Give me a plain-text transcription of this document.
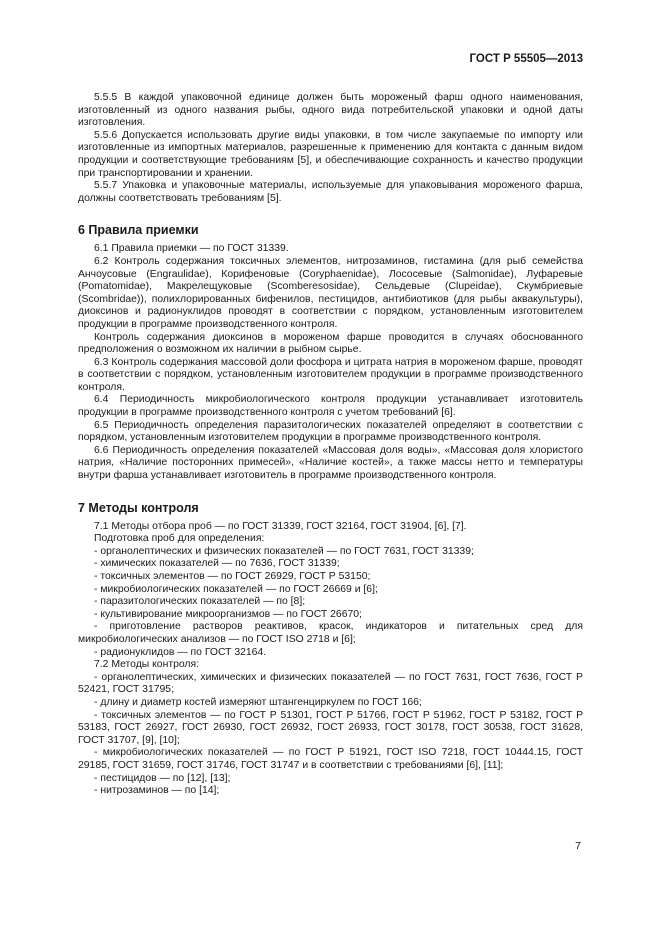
ГОСТ Р 55505—2013

5.5.5 В каждой упаковочной единице должен быть мороженый фарш одного наименования, изготовленный из одного названия рыбы, одного вида потребительской упаковки и одной даты изготовления.

5.5.6 Допускается использовать другие виды упаковки, в том числе закупаемые по импорту или изготовленные из импортных материалов, разрешенные к применению для контакта с данным видом продукции и соответствующие требованиям [5], и обеспечивающие сохранность и качество продукции при транспортировании и хранении.

5.5.7 Упаковка и упаковочные материалы, используемые для упаковывания мороженого фарша, должны соответствовать требованиям [5].

6 Правила приемки

6.1 Правила приемки — по ГОСТ 31339.

6.2 Контроль содержания токсичных элементов, нитрозаминов, гистамина (для рыб семейства Анчоусовые (Engraulidae), Корифеновые (Coryphaenidae), Лососевые (Salmonidae), Луфаревые (Pomatomidae), Макрелещуковые (Scomberesosidae), Сельдевые (Clupeidae), Скумбриевые (Scombridae)), полихлорированных бифенилов, пестицидов, антибиотиков (для рыбы аквакультуры), диоксинов и радионуклидов проводят в соответствии с порядком, установленным изготовителем продукции в программе производственного контроля.

Контроль содержания диоксинов в мороженом фарше проводится в случаях обоснованного предположения о возможном их наличии в рыбном сырье.

6.3 Контроль содержания массовой доли фосфора и цитрата натрия в мороженом фарше, проводят в соответствии с порядком, установленным изготовителем продукции в программе производственного контроля.

6.4 Периодичность микробиологического контроля продукции устанавливает изготовитель продукции в программе производственного контроля с учетом требований [6].

6.5 Периодичность определения паразитологических показателей определяют в соответствии с порядком, установленным изготовителем продукции в программе производственного контроля.

6.6 Периодичность определения показателей «Массовая доля воды», «Массовая доля хлористого натрия, «Наличие посторонних примесей», «Наличие костей», а также массы нетто и температуры внутри фарша устанавливает изготовитель в программе производственного контроля.

7 Методы контроля

7.1 Методы отбора проб — по ГОСТ 31339, ГОСТ 32164, ГОСТ 31904, [6], [7].

Подготовка проб для определения:

- органолептических и физических показателей — по ГОСТ 7631, ГОСТ 31339;

- химических показателей — по 7636, ГОСТ 31339;

- токсичных элементов — по ГОСТ 26929, ГОСТ Р 53150;

- микробиологических показателей — по ГОСТ 26669 и [6];

- паразитологических показателей — по [8];

- культивирование микроорганизмов — по ГОСТ 26670;

- приготовление растворов реактивов, красок, индикаторов и питательных сред для микробиологических анализов — по ГОСТ ISO 2718 и [6];

- радионуклидов — по ГОСТ 32164.

7.2 Методы контроля:

- органолептических, химических и физических показателей — по ГОСТ 7631, ГОСТ 7636, ГОСТ Р 52421, ГОСТ 31795;

- длину и диаметр костей измеряют штангенциркулем по ГОСТ 166;

- токсичных элементов — по ГОСТ Р 51301, ГОСТ Р 51766, ГОСТ Р 51962, ГОСТ Р 53182, ГОСТ Р 53183, ГОСТ 26927, ГОСТ 26930, ГОСТ 26932, ГОСТ 26933, ГОСТ 30178, ГОСТ 30538, ГОСТ 31628, ГОСТ 31707, [9], [10];

- микробиологических показателей — по ГОСТ Р 51921, ГОСТ ISO 7218, ГОСТ 10444.15, ГОСТ 29185, ГОСТ 31659, ГОСТ 31746, ГОСТ 31747 и в соответствии с требованиями [6], [11];

- пестицидов — по [12], [13];

- нитрозаминов — по [14];

7
